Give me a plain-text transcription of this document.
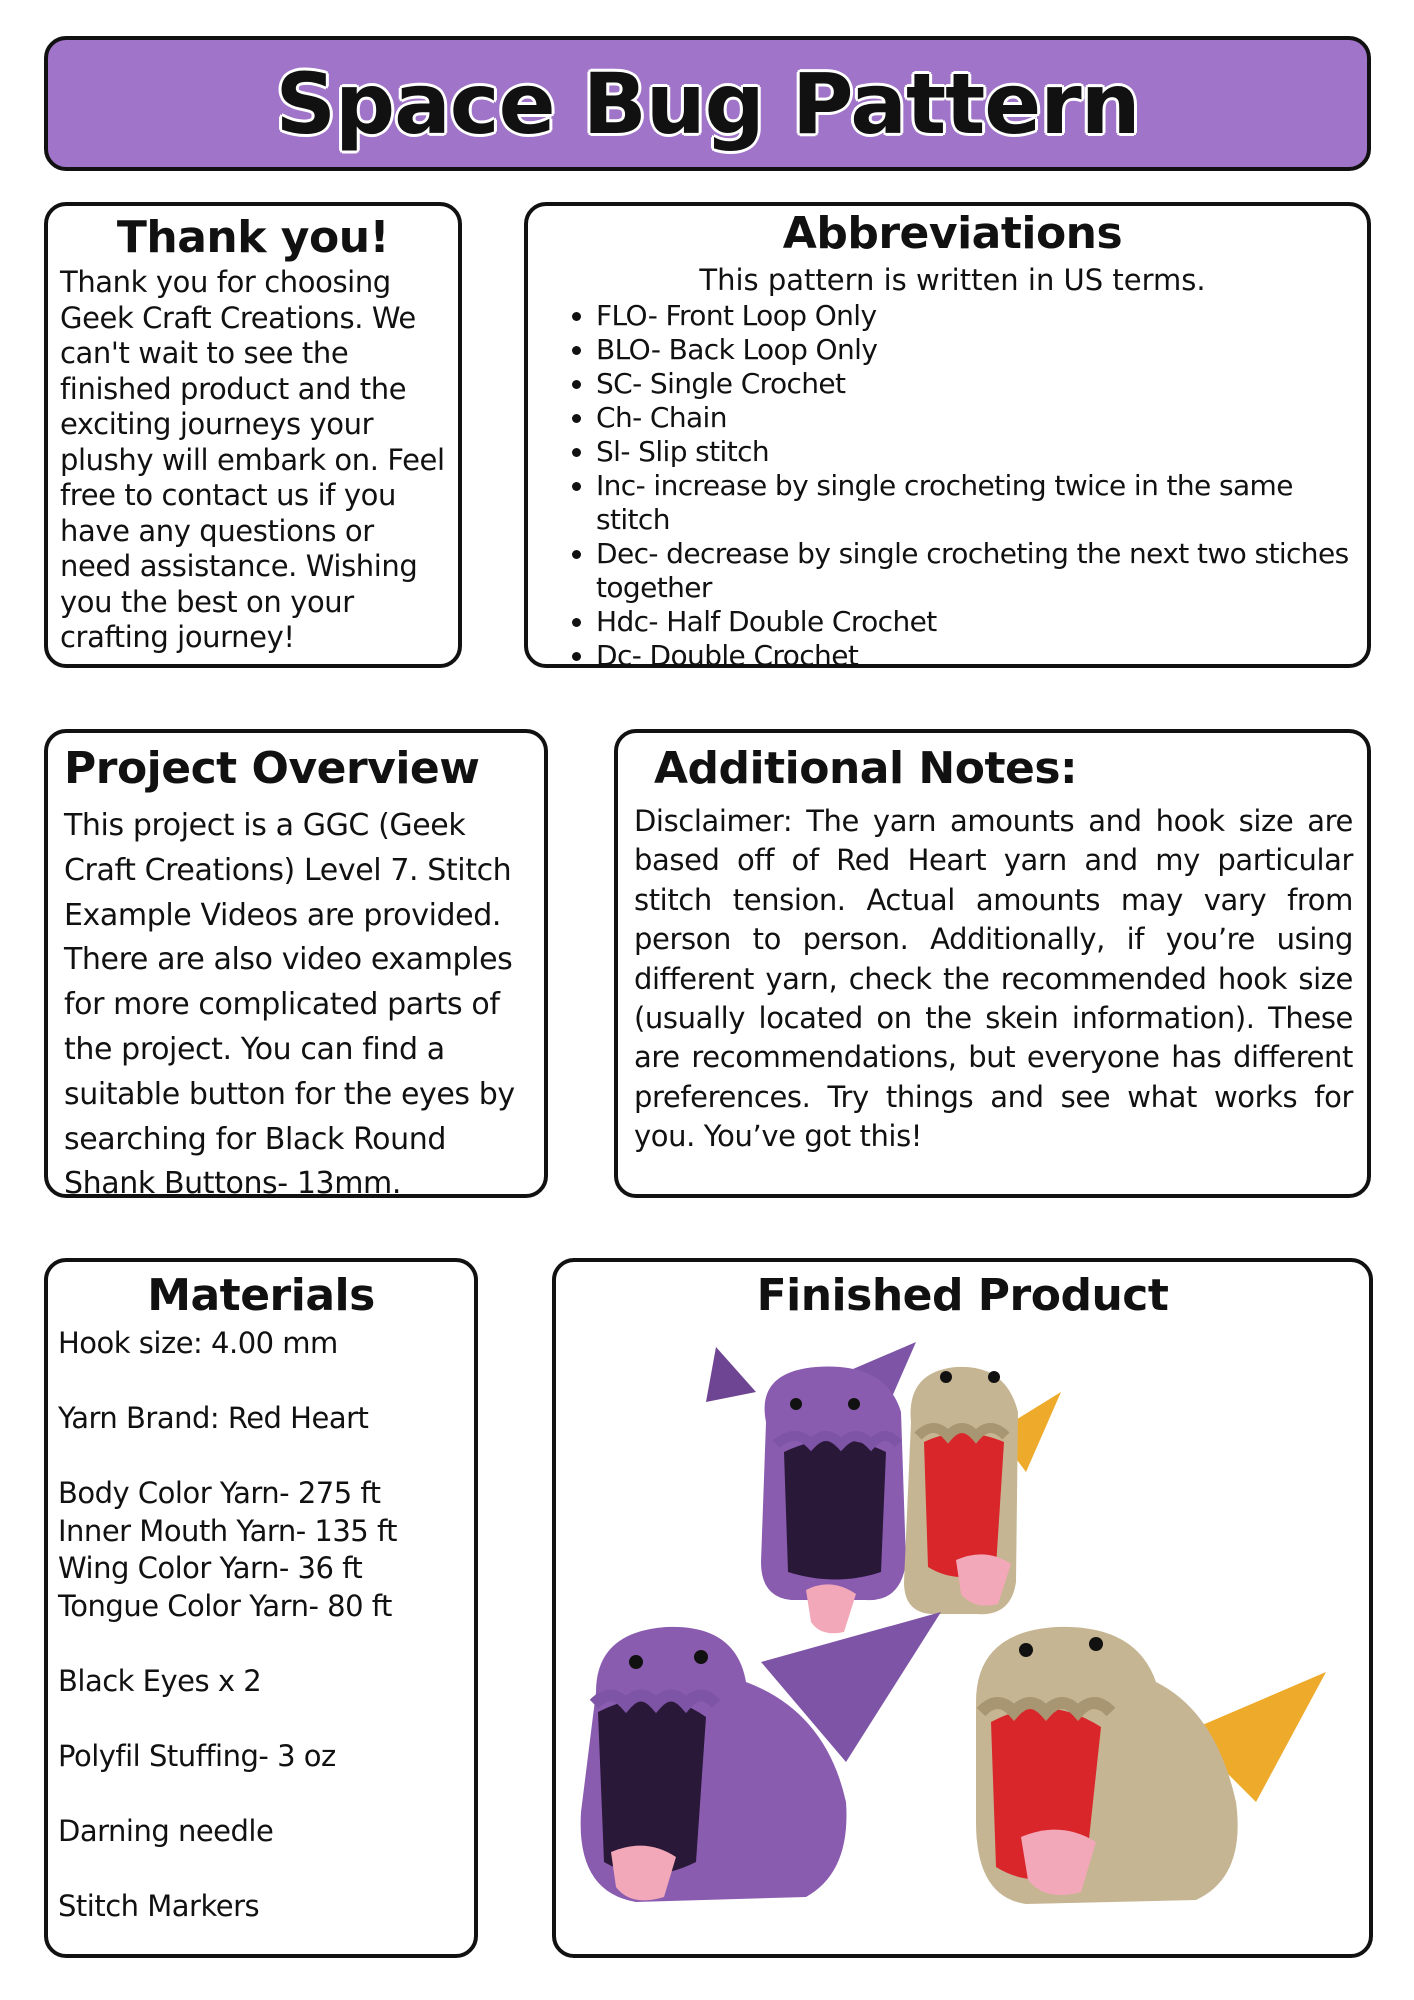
Space Bug Pattern
Thank you!
Thank you for choosing Geek Craft Creations. We can't wait to see the finished product and the exciting journeys your plushy will embark on. Feel free to contact us if you have any questions or need assistance. Wishing you the best on your crafting journey!
Abbreviations

This pattern is written in US terms.

• FLO- Front Loop Only
• BLO- Back Loop Only
• SC- Single Crochet
• Ch- Chain
• Sl- Slip stitch
• Inc- increase by single crocheting twice in the same stitch
• Dec- decrease by single crocheting the next two stiches together
• Hdc- Half Double Crochet
• Dc- Double Crochet
Project Overview
This project is a GGC (Geek Craft Creations) Level 7. Stitch Example Videos are provided. There are also video examples for more complicated parts of the project. You can find a suitable button for the eyes by searching for Black Round Shank Buttons- 13mm.
Additional Notes:
Disclaimer: The yarn amounts and hook size are based off of Red Heart yarn and my particular stitch tension. Actual amounts may vary from person to person. Additionally, if you’re using different yarn, check the recommended hook size (usually located on the skein information). These are recommendations, but everyone has different preferences. Try things and see what works for you. You’ve got this!
Materials

Hook size: 4.00 mm

Yarn Brand: Red Heart

Body Color Yarn- 275 ft

Inner Mouth Yarn- 135 ft

Wing Color Yarn- 36 ft

Tongue Color Yarn- 80 ft

Black Eyes x 2

Polyfil Stuffing- 3 oz

Darning needle

Stitch Markers

Finished Product
